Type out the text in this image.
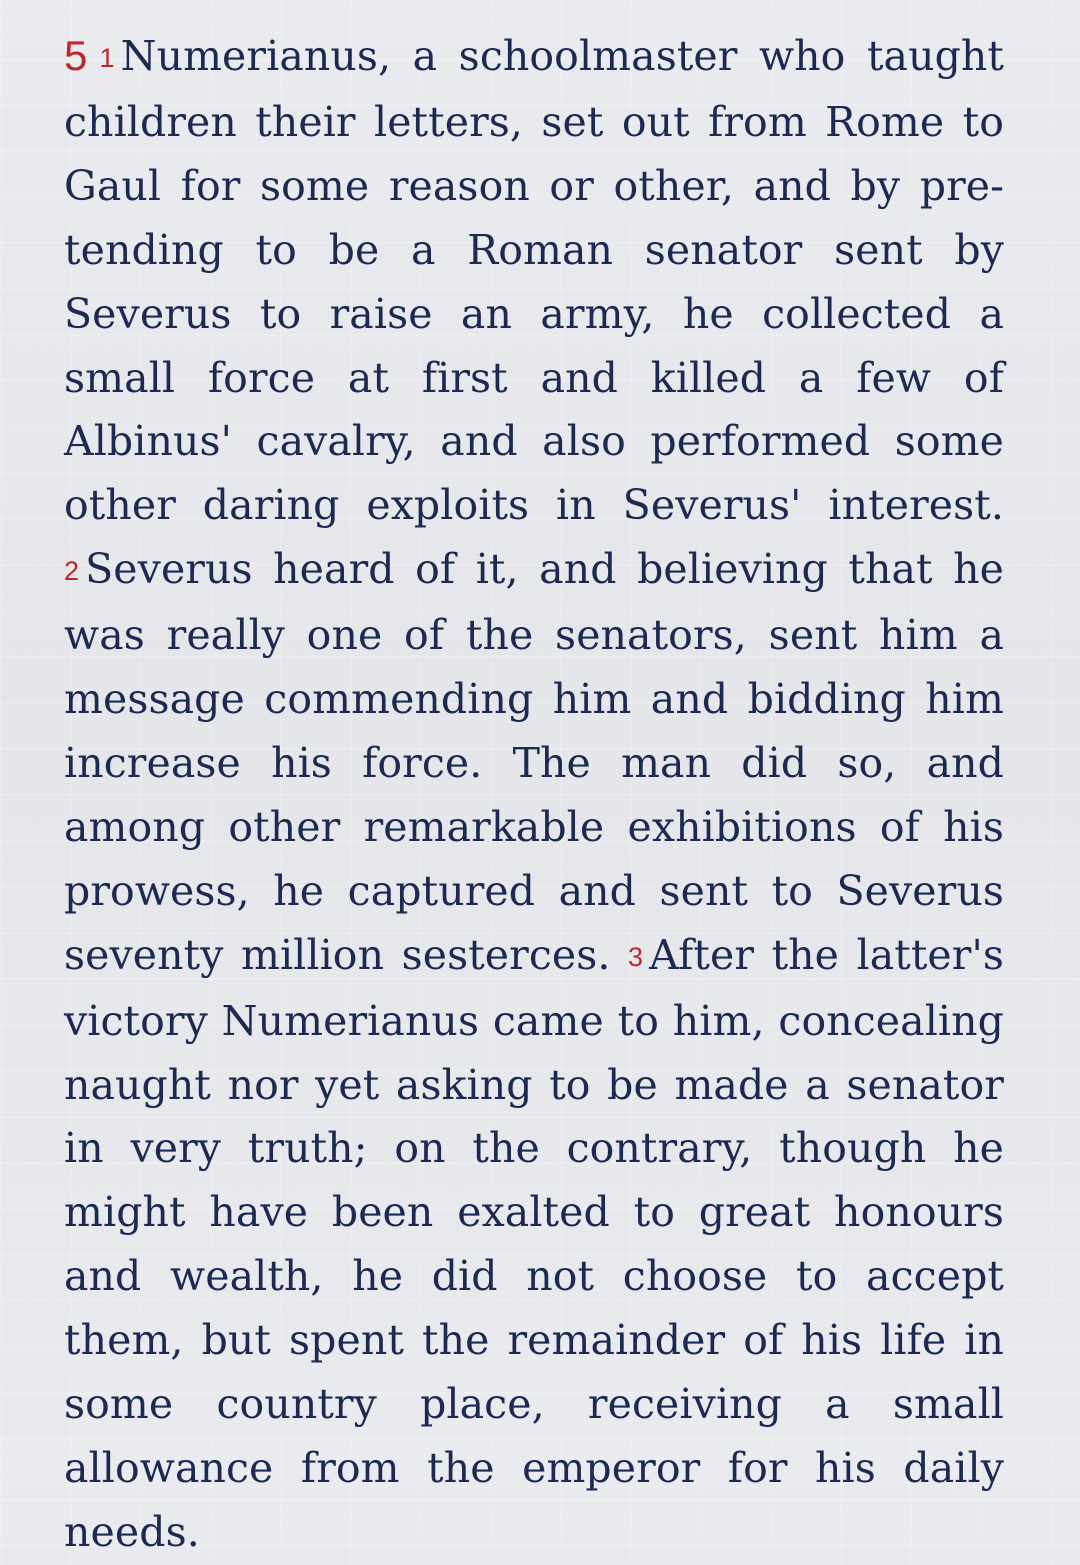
5 1 Numerianus, a schoolmaster who taught children their letters, set out from Rome to Gaul for some reason or other, and by pretending to be a Roman senator sent by Severus to raise an army, he collected a small force at first and killed a few of Albinus' cavalry, and also performed some other daring exploits in Severus' interest. 2 Severus heard of it, and believing that he was really one of the senators, sent him a message commending him and bidding him increase his force. The man did so, and among other remarkable exhibitions of his prowess, he captured and sent to Severus seventy million sesterces. 3 After the latter's victory Numerianus came to him, concealing naught nor yet asking to be made a senator in very truth; on the contrary, though he might have been exalted to great honours and wealth, he did not choose to accept them, but spent the remainder of his life in some country place, receiving a small allowance from the emperor for his daily needs.
